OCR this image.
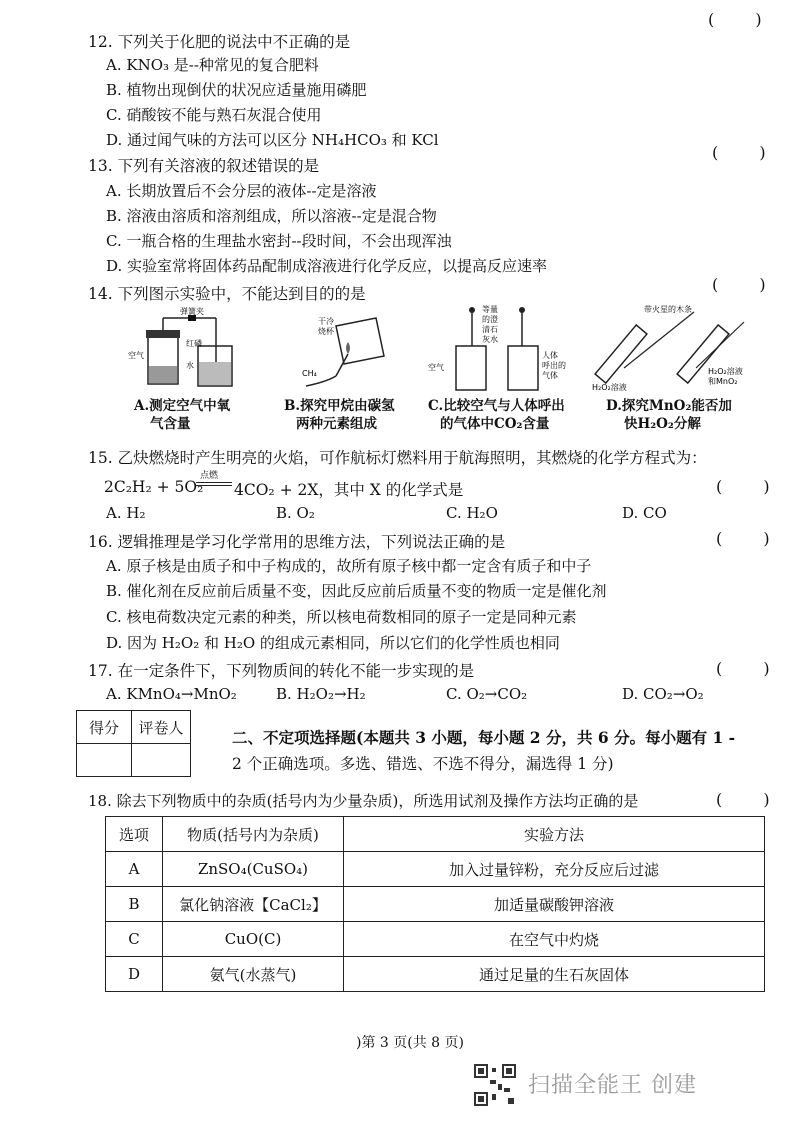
( )
12. 下列关于化肥的说法中不正确的是
A. KNO₃ 是--种常见的复合肥料
B. 植物出现倒伏的状况应适量施用磷肥
C. 硝酸铵不能与熟石灰混合使用
D. 通过闻气味的方法可以区分 NH₄HCO₃ 和 KCl
13. 下列有关溶液的叙述错误的是
( )
A. 长期放置后不会分层的液体--定是溶液
B. 溶液由溶质和溶剂组成，所以溶液--定是混合物
C. 一瓶合格的生理盐水密封--段时间，不会出现浑浊
D. 实验室常将固体药品配制成溶液进行化学反应，以提高反应速率
14. 下列图示实验中，不能达到目的的是	( )
弹簧夹
空气
红磷
水
A.测定空气中氧
气含量
干冷
烧杯
CH₄
B.探究甲烷由碳氢
两种元素组成
等量
的澄
清石
灰水
空气
人体
呼出的
气体
C.比较空气与人体呼出
的气体中CO₂含量
带火星的木条
H₂O₂溶液
H₂O₂溶液
和MnO₂
D.探究MnO₂能否加
快H₂O₂分解
15. 乙炔燃烧时产生明亮的火焰，可作航标灯燃料用于航海照明，其燃烧的化学方程式为：
2C₂H₂ + 5O₂
点燃
4CO₂ + 2X，其中 X 的化学式是	( )
A. H₂	B. O₂	C. H₂O	D. CO
16. 逻辑推理是学习化学常用的思维方法，下列说法正确的是	( )
A. 原子核是由质子和中子构成的，故所有原子核中都一定含有质子和中子
B. 催化剂在反应前后质量不变，因此反应前后质量不变的物质一定是催化剂
C. 核电荷数决定元素的种类，所以核电荷数相同的原子一定是同种元素
D. 因为 H₂O₂ 和 H₂O 的组成元素相同，所以它们的化学性质也相同
17. 在一定条件下，下列物质间的转化不能一步实现的是	( )
A. KMnO₄→MnO₂	B. H₂O₂→H₂	C. O₂→CO₂	D. CO₂→O₂
得分	评卷人

二、不定项选择题(本题共 3 小题，每小题 2 分，共 6 分。每小题有 1 -
2 个正确选项。多选、错选、不选不得分，漏选得 1 分)
18. 除去下列物质中的杂质(括号内为少量杂质)，所选用试剂及操作方法均正确的是	( )
选项	物质(括号内为杂质)	实验方法
A	ZnSO₄(CuSO₄)	加入过量锌粉，充分反应后过滤
B	氯化钠溶液【CaCl₂】	加适量碳酸钾溶液
C	CuO(C)	在空气中灼烧
D	氨气(水蒸气)	通过足量的生石灰固体
)第 3 页(共 8 页)
扫描全能王 创建
